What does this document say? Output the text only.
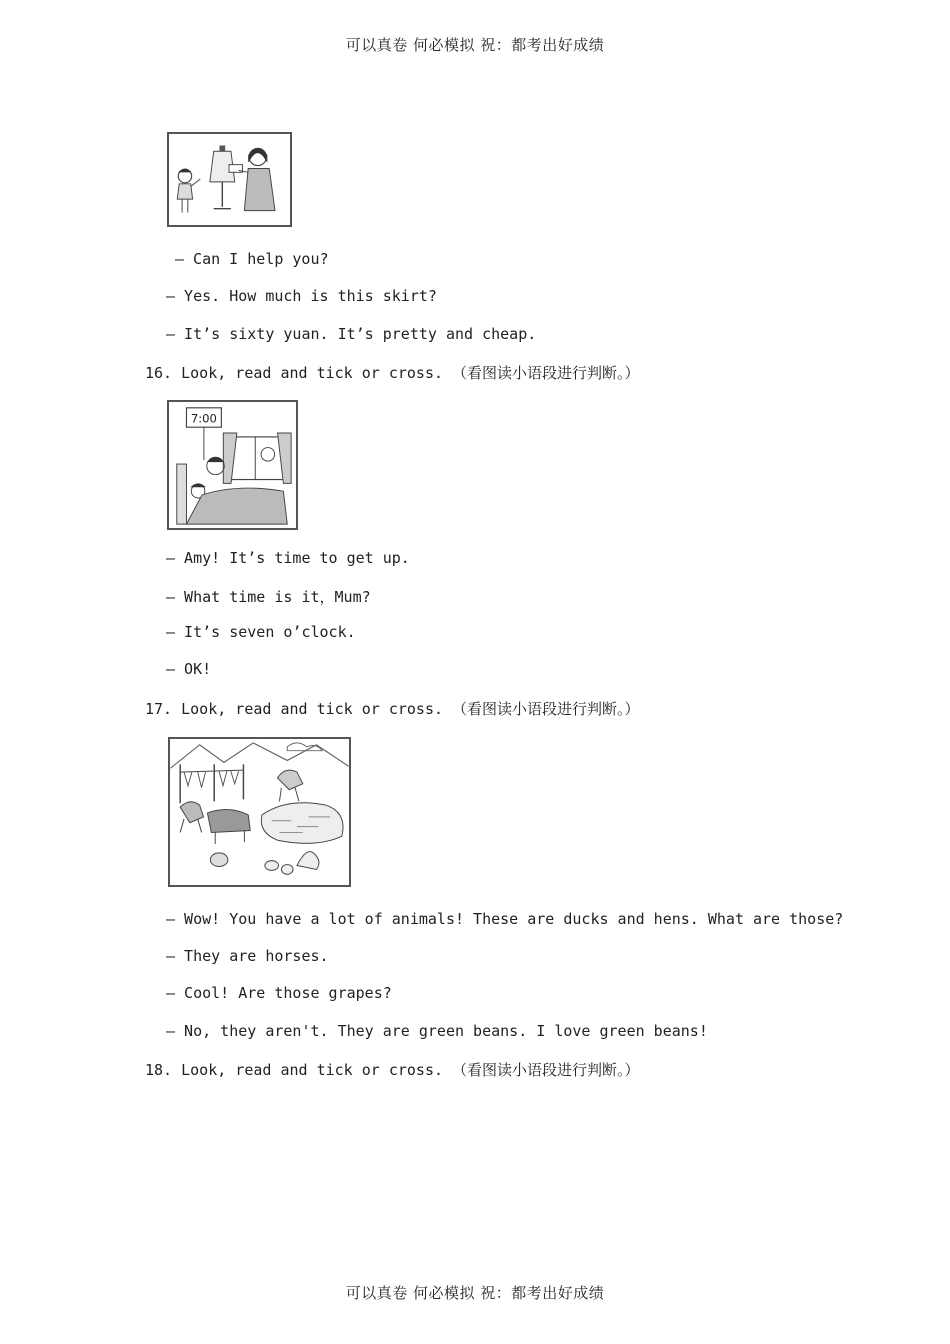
可以真卷 何必模拟 祝：都考出好成绩
— Can I help you?
— Yes. How much is this skirt?
— It’s sixty yuan. It’s pretty and cheap.
16. Look, read and tick or cross. （看图读小语段进行判断。）
7:00
— Amy! It’s time to get up.
— What time is it，Mum?
— It’s seven o’clock.
— OK!
17. Look, read and tick or cross. （看图读小语段进行判断。）
— Wow! You have a lot of animals! These are ducks and hens. What are those?
— They are horses.
— Cool! Are those grapes?
— No, they aren't. They are green beans. I love green beans!
18. Look, read and tick or cross. （看图读小语段进行判断。）
可以真卷 何必模拟 祝：都考出好成绩
